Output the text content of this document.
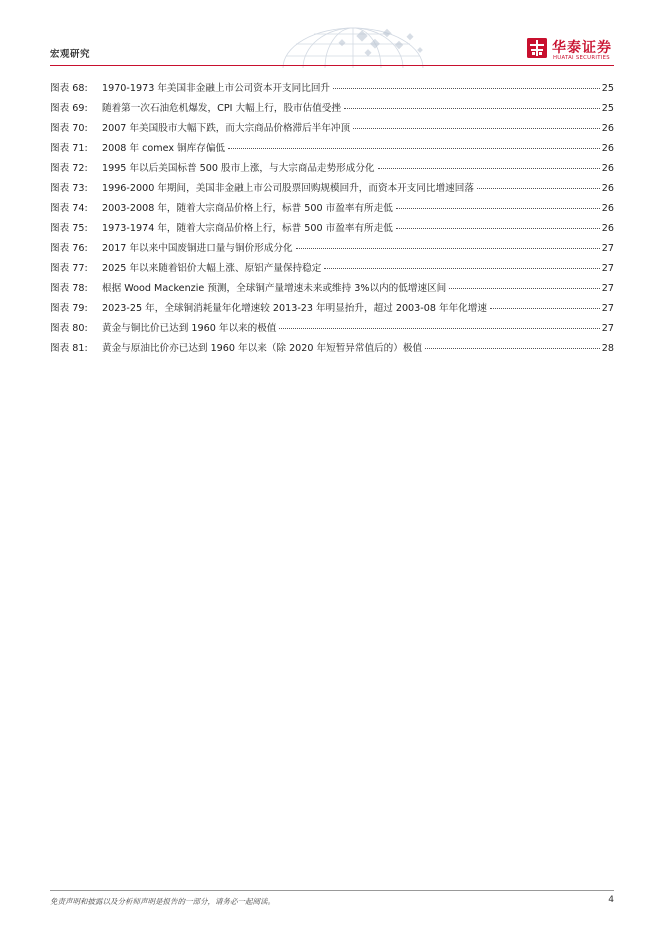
宏观研究	华泰证券
HUATAI SECURITIES
图表 68:	1970-1973 年美国非金融上市公司资本开支同比回升	25
图表 69:	随着第一次石油危机爆发，CPI 大幅上行，股市估值受挫	25
图表 70:	2007 年美国股市大幅下跌，而大宗商品价格滞后半年冲顶	26
图表 71:	2008 年 comex 铜库存偏低	26
图表 72:	1995 年以后美国标普 500 股市上涨，与大宗商品走势形成分化	26
图表 73:	1996-2000 年期间，美国非金融上市公司股票回购规模回升，而资本开支同比增速回落	26
图表 74:	2003-2008 年，随着大宗商品价格上行，标普 500 市盈率有所走低	26
图表 75:	1973-1974 年，随着大宗商品价格上行，标普 500 市盈率有所走低	26
图表 76:	2017 年以来中国废铜进口量与铜价形成分化	27
图表 77:	2025 年以来随着铝价大幅上涨、原铝产量保持稳定	27
图表 78:	根据 Wood Mackenzie 预测，全球铜产量增速未来或维持 3%以内的低增速区间	27
图表 79:	2023-25 年，全球铜消耗量年化增速较 2013-23 年明显抬升，超过 2003-08 年年化增速	27
图表 80:	黄金与铜比价已达到 1960 年以来的极值	27
图表 81:	黄金与原油比价亦已达到 1960 年以来（除 2020 年短暂异常值后的）极值	28
免责声明和披露以及分析师声明是报告的一部分，请务必一起阅读。	4
